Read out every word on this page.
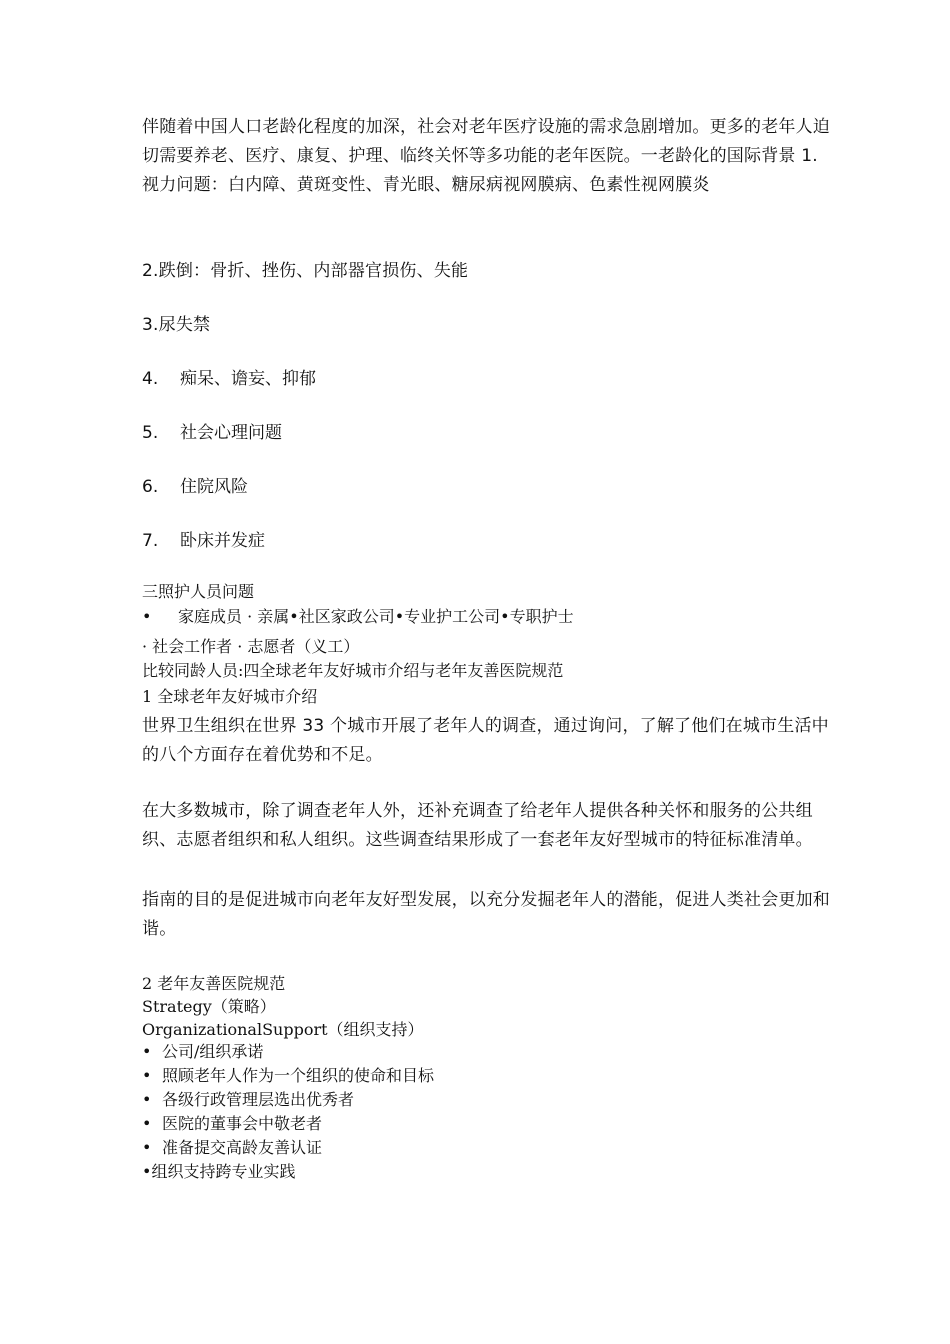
伴随着中国人口老龄化程度的加深，社会对老年医疗设施的需求急剧增加。更多的老年人迫切需要养老、医疗、康复、护理、临终关怀等多功能的老年医院。一老龄化的国际背景 1.视力问题：白内障、黄斑变性、青光眼、糖尿病视网膜病、色素性视网膜炎

2.跌倒：骨折、挫伤、内部器官损伤、失能

3.尿失禁

4. 痴呆、谵妄、抑郁
5. 社会心理问题
6. 住院风险
7. 卧床并发症

三照护人员问题

• 家庭成员 · 亲属•社区家政公司•专业护工公司•专职护士

· 社会工作者 · 志愿者（义工）

比较同龄人员:四全球老年友好城市介绍与老年友善医院规范

1 全球老年友好城市介绍

世界卫生组织在世界 33 个城市开展了老年人的调查，通过询问，了解了他们在城市生活中的八个方面存在着优势和不足。

在大多数城市，除了调查老年人外，还补充调查了给老年人提供各种关怀和服务的公共组织、志愿者组织和私人组织。这些调查结果形成了一套老年友好型城市的特征标准清单。

指南的目的是促进城市向老年友好型发展，以充分发掘老年人的潜能，促进人类社会更加和谐。

2 老年友善医院规范

Strategy（策略）

OrganizationalSupport（组织支持）

• 公司/组织承诺
• 照顾老年人作为一个组织的使命和目标
• 各级行政管理层选出优秀者
• 医院的董事会中敬老者
• 准备提交高龄友善认证

•组织支持跨专业实践
